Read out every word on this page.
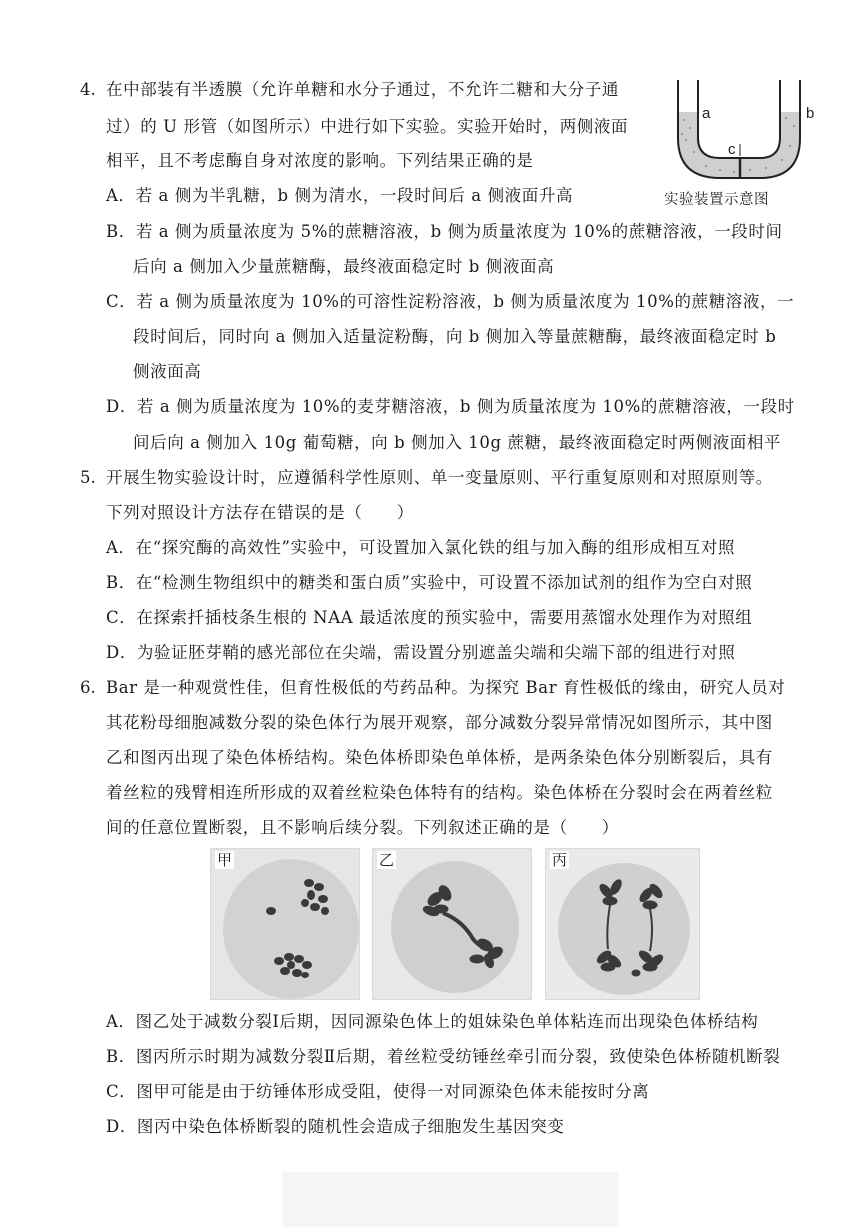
4. 在中部装有半透膜（允许单糖和水分子通过，不允许二糖和大分子通
过）的 U 形管（如图所示）中进行如下实验。实验开始时，两侧液面
相平，且不考虑酶自身对浓度的影响。下列结果正确的是
a	b
c
实验装置示意图
A．若 a 侧为半乳糖，b 侧为清水，一段时间后 a 侧液面升高
B．若 a 侧为质量浓度为 5%的蔗糖溶液，b 侧为质量浓度为 10%的蔗糖溶液，一段时间
后向 a 侧加入少量蔗糖酶，最终液面稳定时 b 侧液面高
C．若 a 侧为质量浓度为 10%的可溶性淀粉溶液，b 侧为质量浓度为 10%的蔗糖溶液，一
段时间后，同时向 a 侧加入适量淀粉酶，向 b 侧加入等量蔗糖酶，最终液面稳定时 b
侧液面高
D．若 a 侧为质量浓度为 10%的麦芽糖溶液，b 侧为质量浓度为 10%的蔗糖溶液，一段时
间后向 a 侧加入 10g 葡萄糖，向 b 侧加入 10g 蔗糖，最终液面稳定时两侧液面相平
5. 开展生物实验设计时，应遵循科学性原则、单一变量原则、平行重复原则和对照原则等。
下列对照设计方法存在错误的是（　　）
A．在“探究酶的高效性”实验中，可设置加入氯化铁的组与加入酶的组形成相互对照
B．在“检测生物组织中的糖类和蛋白质”实验中，可设置不添加试剂的组作为空白对照
C．在探索扦插枝条生根的 NAA 最适浓度的预实验中，需要用蒸馏水处理作为对照组
D．为验证胚芽鞘的感光部位在尖端，需设置分别遮盖尖端和尖端下部的组进行对照
6. Bar 是一种观赏性佳，但育性极低的芍药品种。为探究 Bar 育性极低的缘由，研究人员对
其花粉母细胞减数分裂的染色体行为展开观察，部分减数分裂异常情况如图所示，其中图
乙和图丙出现了染色体桥结构。染色体桥即染色单体桥，是两条染色体分别断裂后，具有
着丝粒的残臂相连所形成的双着丝粒染色体特有的结构。染色体桥在分裂时会在两着丝粒
间的任意位置断裂，且不影响后续分裂。下列叙述正确的是（　　）
甲	乙	丙
A．图乙处于减数分裂Ⅰ后期，因同源染色体上的姐妹染色单体粘连而出现染色体桥结构
B．图丙所示时期为减数分裂Ⅱ后期，着丝粒受纺锤丝牵引而分裂，致使染色体桥随机断裂
C．图甲可能是由于纺锤体形成受阻，使得一对同源染色体未能按时分离
D．图丙中染色体桥断裂的随机性会造成子细胞发生基因突变
